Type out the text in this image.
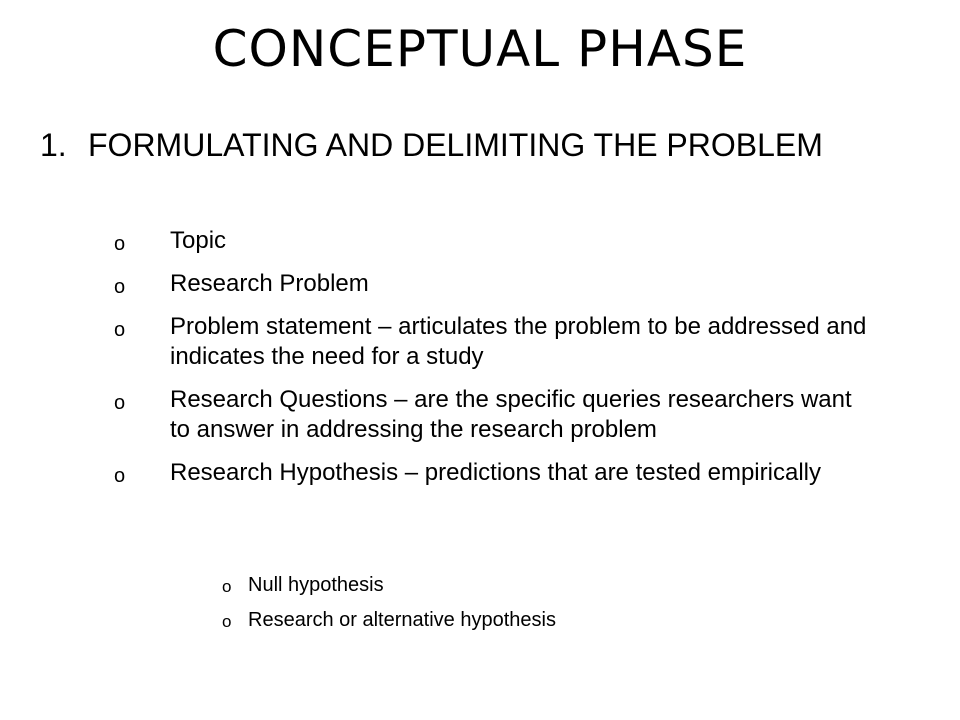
CONCEPTUAL PHASE
1. FORMULATING AND DELIMITING THE PROBLEM
o Topic
o Research Problem
o Problem statement – articulates the problem to be addressed and indicates the need for a study
o Research Questions – are the specific queries researchers want to answer in addressing the research problem
o Research Hypothesis – predictions that are tested empirically
o Null hypothesis
o Research or alternative hypothesis
